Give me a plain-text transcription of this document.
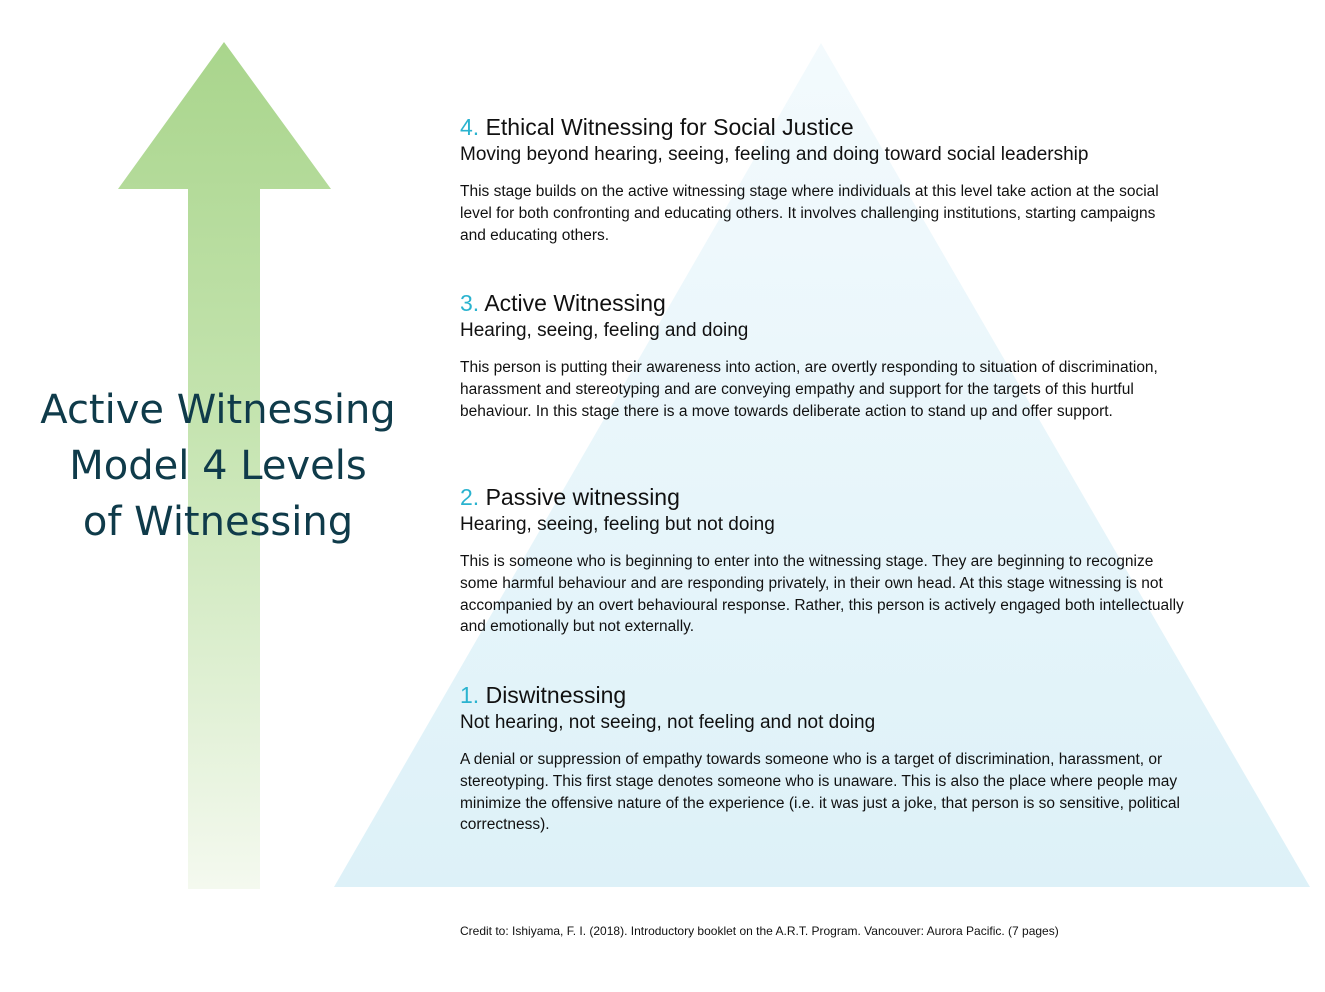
Active Witnessing
Model 4 Levels
of Witnessing
4. Ethical Witnessing for Social Justice
Moving beyond hearing, seeing, feeling and doing toward social leadership
This stage builds on the active witnessing stage where individuals at this level take action at the social level for both confronting and educating others. It involves challenging institutions, starting campaigns and educating others.
3. Active Witnessing
Hearing, seeing, feeling and doing
This person is putting their awareness into action, are overtly responding to situation of discrimination, harassment and stereotyping and are conveying empathy and support for the targets of this hurtful behaviour. In this stage there is a move towards deliberate action to stand up and offer support.
2. Passive witnessing
Hearing, seeing, feeling but not doing
This is someone who is beginning to enter into the witnessing stage. They are beginning to recognize some harmful behaviour and are responding privately, in their own head. At this stage witnessing is not accompanied by an overt behavioural response. Rather, this person is actively engaged both intellectually and emotionally but not externally.
1. Diswitnessing
Not hearing, not seeing, not feeling and not doing
A denial or suppression of empathy towards someone who is a target of discrimination, harassment, or stereotyping. This first stage denotes someone who is unaware. This is also the place where people may minimize the offensive nature of the experience (i.e. it was just a joke, that person is so sensitive, political correctness).
Credit to: Ishiyama, F. I. (2018). Introductory booklet on the A.R.T. Program. Vancouver: Aurora Pacific. (7 pages)
